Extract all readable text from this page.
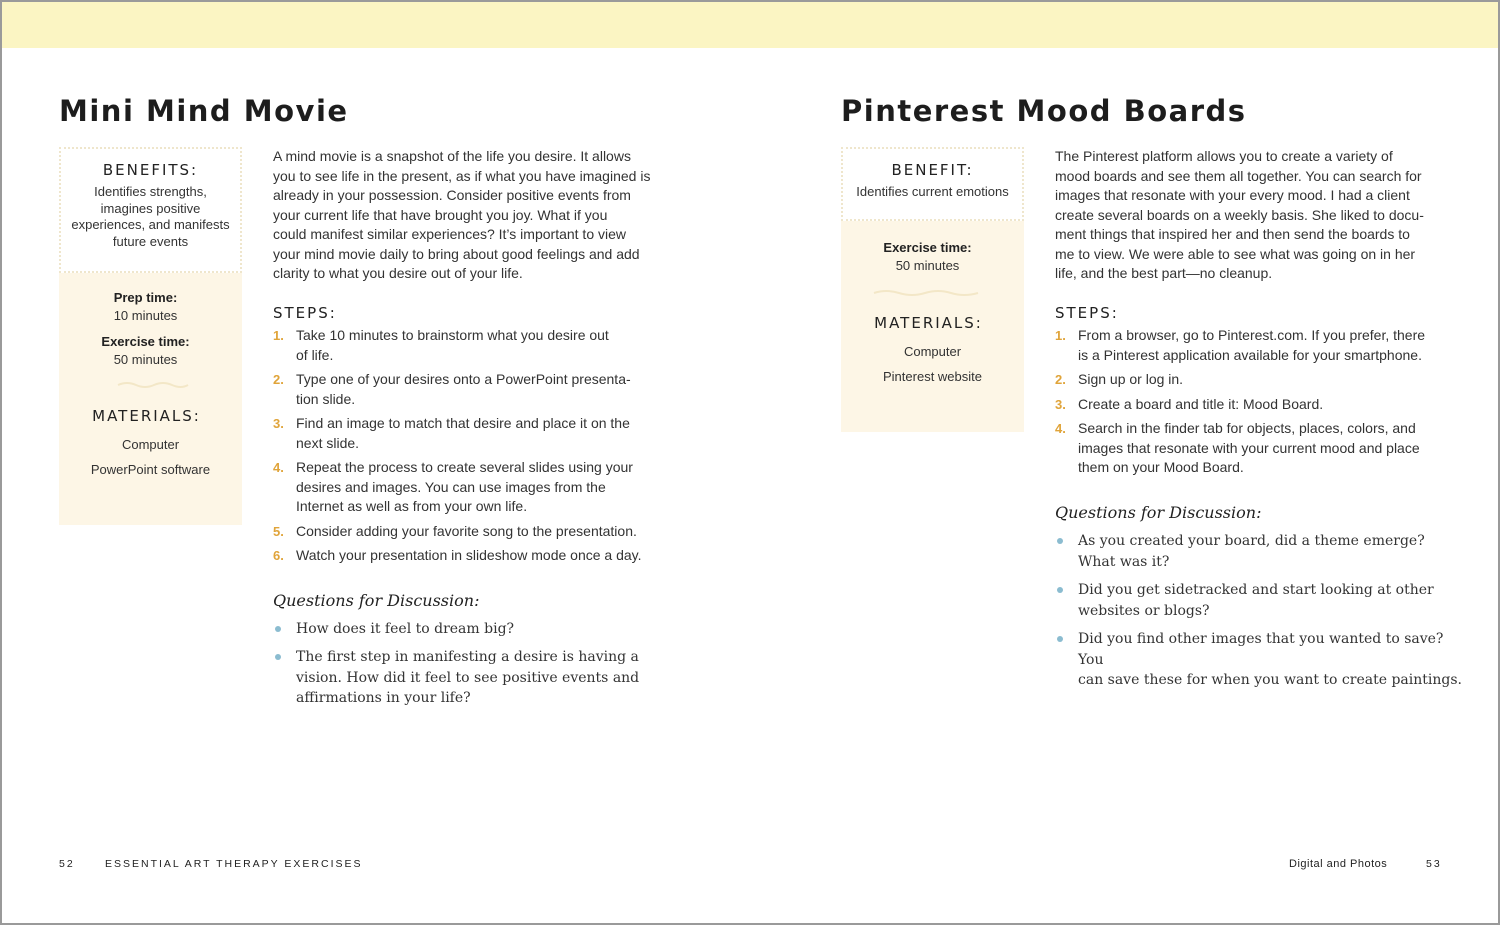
Mini Mind Movie
BENEFITS:
Identifies strengths,
imagines positive
experiences, and manifests
future events
Prep time:
10 minutes
Exercise time:
50 minutes
MATERIALS:
Computer
PowerPoint software
A mind movie is a snapshot of the life you desire. It allows
you to see life in the present, as if what you have imagined is
already in your possession. Consider positive events from
your current life that have brought you joy. What if you
could manifest similar experiences? It’s important to view
your mind movie daily to bring about good feelings and add
clarity to what you desire out of your life.
STEPS:
1. Take 10 minutes to brainstorm what you desire out
of life.
2. Type one of your desires onto a PowerPoint presenta-
tion slide.
3. Find an image to match that desire and place it on the
next slide.
4. Repeat the process to create several slides using your
desires and images. You can use images from the
Internet as well as from your own life.
5. Consider adding your favorite song to the presentation.
6. Watch your presentation in slideshow mode once a day.
Questions for Discussion:
How does it feel to dream big?
The first step in manifesting a desire is having a
vision. How did it feel to see positive events and
affirmations in your life?
52	ESSENTIAL ART THERAPY EXERCISES
Pinterest Mood Boards
BENEFIT:
Identifies current emotions
Exercise time:
50 minutes
MATERIALS:
Computer
Pinterest website
The Pinterest platform allows you to create a variety of
mood boards and see them all together. You can search for
images that resonate with your every mood. I had a client
create several boards on a weekly basis. She liked to docu-
ment things that inspired her and then send the boards to
me to view. We were able to see what was going on in her
life, and the best part—no cleanup.
STEPS:
1. From a browser, go to Pinterest.com. If you prefer, there
is a Pinterest application available for your smartphone.
2. Sign up or log in.
3. Create a board and title it: Mood Board.
4. Search in the finder tab for objects, places, colors, and
images that resonate with your current mood and place
them on your Mood Board.
Questions for Discussion:
As you created your board, did a theme emerge?
What was it?
Did you get sidetracked and start looking at other
websites or blogs?
Did you find other images that you wanted to save? You
can save these for when you want to create paintings.
Digital and Photos	53
